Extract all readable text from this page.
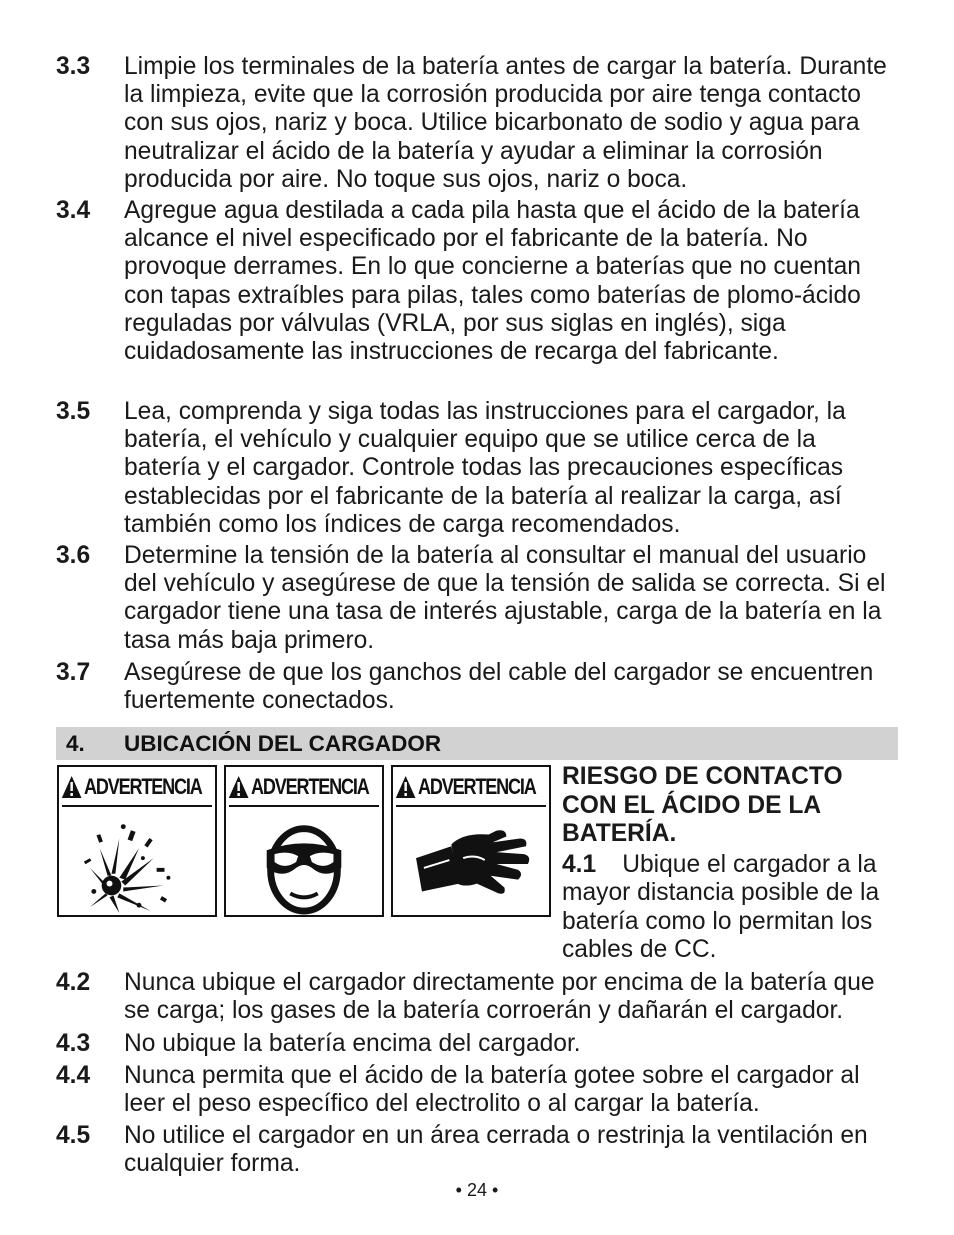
3.3	Limpie los terminales de la batería antes de cargar la batería. Durante la limpieza, evite que la corrosión producida por aire tenga contacto con sus ojos, nariz y boca. Utilice bicarbonato de sodio y agua para neutralizar el ácido de la batería y ayudar a eliminar la corrosión producida por aire. No toque sus ojos, nariz o boca.
3.4	Agregue agua destilada a cada pila hasta que el ácido de la batería alcance el nivel especificado por el fabricante de la batería. No provoque derrames. En lo que concierne a baterías que no cuentan con tapas extraíbles para pilas, tales como baterías de plomo-ácido reguladas por válvulas (VRLA, por sus siglas en inglés), siga cuidadosamente las instrucciones de recarga del fabricante.
3.5	Lea, comprenda y siga todas las instrucciones para el cargador, la batería, el vehículo y cualquier equipo que se utilice cerca de la batería y el cargador. Controle todas las precauciones específicas establecidas por el fabricante de la batería al realizar la carga, así también como los índices de carga recomendados.
3.6	Determine la tensión de la batería al consultar el manual del usuario del vehículo y asegúrese de que la tensión de salida se correcta. Si el cargador tiene una tasa de interés ajustable, carga de la batería en la tasa más baja primero.
3.7	Asegúrese de que los ganchos del cable del cargador se encuentren fuertemente conectados.
4.	UBICACIÓN DEL CARGADOR
ADVERTENCIA ADVERTENCIA ADVERTENCIA RIESGO DE CONTACTO CON EL ÁCIDO DE LA BATERÍA.
4.1 Ubique el cargador a la mayor distancia posible de la batería como lo permitan los cables de CC.
4.2	Nunca ubique el cargador directamente por encima de la batería que se carga; los gases de la batería corroerán y dañarán el cargador.
4.3	No ubique la batería encima del cargador.
4.4	Nunca permita que el ácido de la batería gotee sobre el cargador al leer el peso específico del electrolito o al cargar la batería.
4.5	No utilice el cargador en un área cerrada o restrinja la ventilación en cualquier forma.
• 24 •
